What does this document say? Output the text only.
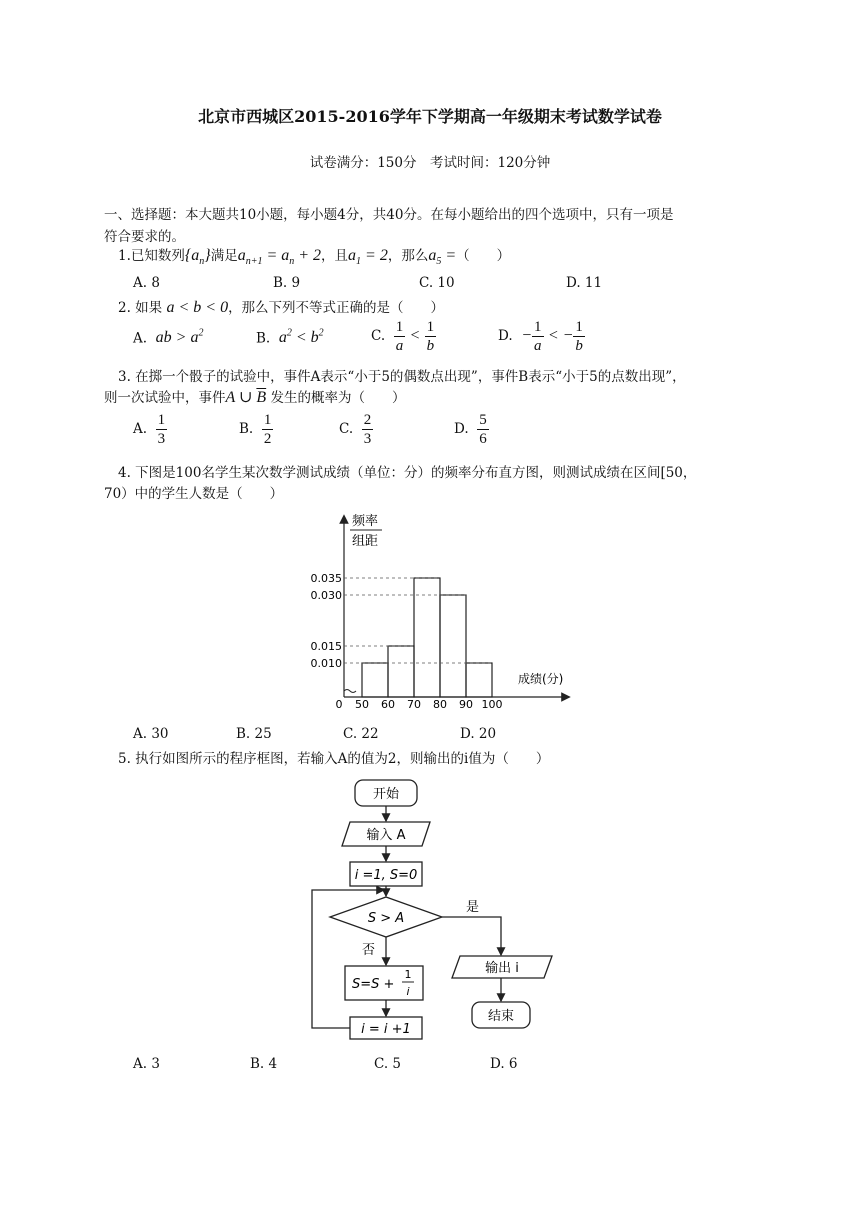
北京市西城区2015-2016学年下学期高一年级期末考试数学试卷
试卷满分：150分　考试时间：120分钟
一、选择题：本大题共10小题，每小题4分，共40分。在每小题给出的四个选项中，只有一项是
符合要求的。
1.已知数列$\{a_n\}$满足$a_{n+1} = a_n + 2$，且$a_1 = 2$，那么$a_5$ =（　　）
A. 8	B. 9	C. 10	D. 11
2. 如果 a < b < 0，那么下列不等式正确的是（　　）
A. ab > $a^2$	B. $a^2 < b^2$	C. $\frac{1}{a} < \frac{1}{b}$	D. − $\frac{1}{a}$ < − $\frac{1}{b}$
3. 在掷一个骰子的试验中，事件A表示“小于5的偶数点出现”，事件B表示“小于5的点数出现”，
则一次试验中，事件A ∪ $\overline{B}$ 发生的概率为（　　）
A. $\frac{1}{3}$	B. $\frac{1}{2}$	C. $\frac{2}{3}$	D. $\frac{5}{6}$
4. 下图是100名学生某次数学测试成绩（单位：分）的频率分布直方图，则测试成绩在区间[50，
70）中的学生人数是（　　）
频率
组距
成绩(分)
0 50 60 70 80 90 100
0.035
0.030
0.015
0.010
A. 30	B. 25	C. 22	D. 20
5. 执行如图所示的程序框图，若输入A的值为2，则输出的i值为（　　）
开始
输入 A
i =1, S=0
S > A
是
否
S=S +
1
i
i = i +1
输出 i
结束
A. 3	B. 4	C. 5	D. 6
